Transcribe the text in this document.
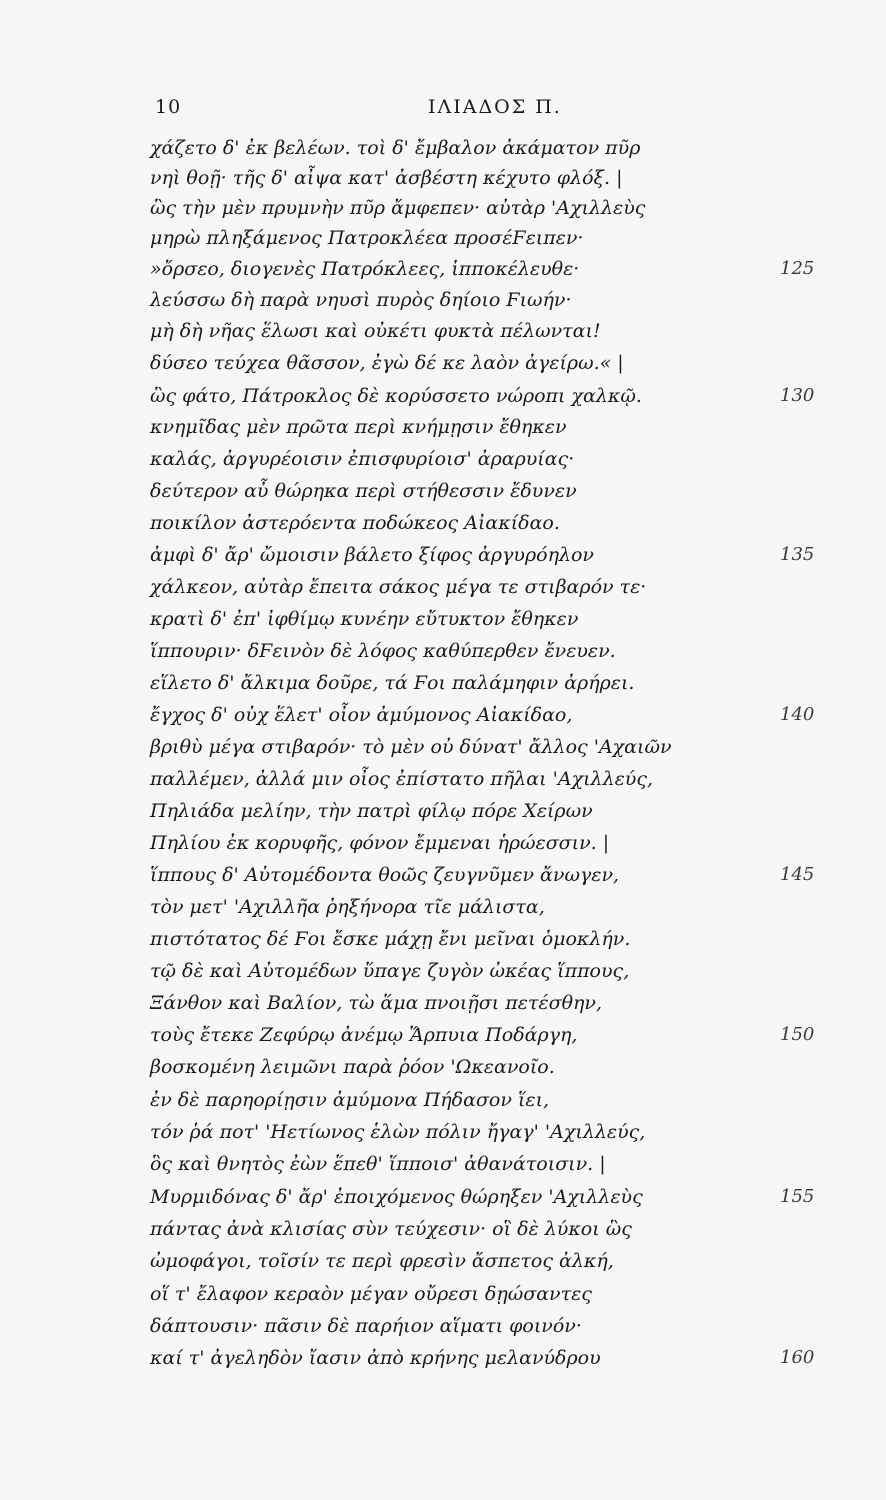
10	ΙΛΙΑΔΟΣ Π.
χάζετο δ' ἐκ βελέων. τοὶ δ' ἔμβαλον ἀκάματον πῦρ
νηὶ θοῇ· τῆς δ' αἶψα κατ' ἀσβέστη κέχυτο φλόξ. |
ὣς τὴν μὲν πρυμνὴν πῦρ ἄμφεπεν· αὐτὰρ 'Αχιλλεὺς
μηρὼ πληξάμενος Πατροκλέεα προσέϜειπεν·
»ὄρσεο, διογενὲς Πατρόκλεες, ἱπποκέλευθε·
λεύσσω δὴ παρὰ νηυσὶ πυρὸς δηίοιο Ϝιωήν·
μὴ δὴ νῆας ἕλωσι καὶ οὐκέτι φυκτὰ πέλωνται!
δύσεο τεύχεα θᾶσσον, ἐγὼ δέ κε λαὸν ἀγείρω.« |
ὣς φάτο, Πάτροκλος δὲ κορύσσετο νώροπι χαλκῷ.
κνημῖδας μὲν πρῶτα περὶ κνήμῃσιν ἔθηκεν
καλάς, ἀργυρέοισιν ἐπισφυρίοισ' ἀραρυίας·
δεύτερον αὖ θώρηκα περὶ στήθεσσιν ἔδυνεν
ποικίλον ἀστερόεντα ποδώκεος Αἰακίδαο.
ἀμφὶ δ' ἄρ' ὤμοισιν βάλετο ξίφος ἀργυρόηλον
χάλκεον, αὐτὰρ ἔπειτα σάκος μέγα τε στιβαρόν τε·
κρατὶ δ' ἐπ' ἰφθίμῳ κυνέην εὔτυκτον ἔθηκεν
ἵππουριν· δϜεινὸν δὲ λόφος καθύπερθεν ἔνευεν.
εἵλετο δ' ἄλκιμα δοῦρε, τά Ϝοι παλάμηφιν ἀρήρει.
ἔγχος δ' οὐχ ἕλετ' οἶον ἀμύμονος Αἰακίδαο,
βριθὺ μέγα στιβαρόν· τὸ μὲν οὐ δύνατ' ἄλλος 'Αχαιῶν
παλλέμεν, ἀλλά μιν οἶος ἐπίστατο πῆλαι 'Αχιλλεύς,
Πηλιάδα μελίην, τὴν πατρὶ φίλῳ πόρε Χείρων
Πηλίου ἐκ κορυφῆς, φόνον ἔμμεναι ἡρώεσσιν. |
ἵππους δ' Αὐτομέδοντα θοῶς ζευγνῦμεν ἄνωγεν,
τὸν μετ' 'Αχιλλῆα ῥηξήνορα τῖε μάλιστα,
πιστότατος δέ Ϝοι ἔσκε μάχῃ ἔνι μεῖναι ὁμοκλήν.
τῷ δὲ καὶ Αὐτομέδων ὕπαγε ζυγὸν ὠκέας ἵππους,
Ξάνθον καὶ Βαλίον, τὼ ἅμα πνοιῇσι πετέσθην,
τοὺς ἔτεκε Ζεφύρῳ ἀνέμῳ Ἅρπυια Ποδάργη,
βοσκομένη λειμῶνι παρὰ ῥόον 'Ωκεανοῖο.
ἐν δὲ παρηορίῃσιν ἀμύμονα Πήδασον ἵει,
τόν ῥά ποτ' 'Ηετίωνος ἑλὼν πόλιν ἤγαγ' 'Αχιλλεύς,
ὃς καὶ θνητὸς ἐὼν ἕπεθ' ἵπποισ' ἀθανάτοισιν. |
Μυρμιδόνας δ' ἄρ' ἐποιχόμενος θώρηξεν 'Αχιλλεὺς
πάντας ἀνὰ κλισίας σὺν τεύχεσιν· οἳ δὲ λύκοι ὣς
ὠμοφάγοι, τοῖσίν τε περὶ φρεσὶν ἄσπετος ἀλκή,
οἵ τ' ἔλαφον κεραὸν μέγαν οὔρεσι δῃώσαντες
δάπτουσιν· πᾶσιν δὲ παρήιον αἵματι φοινόν·
καί τ' ἀγεληδὸν ἴασιν ἀπὸ κρήνης μελανύδρου
125
130
135
140
145
150
155
160
